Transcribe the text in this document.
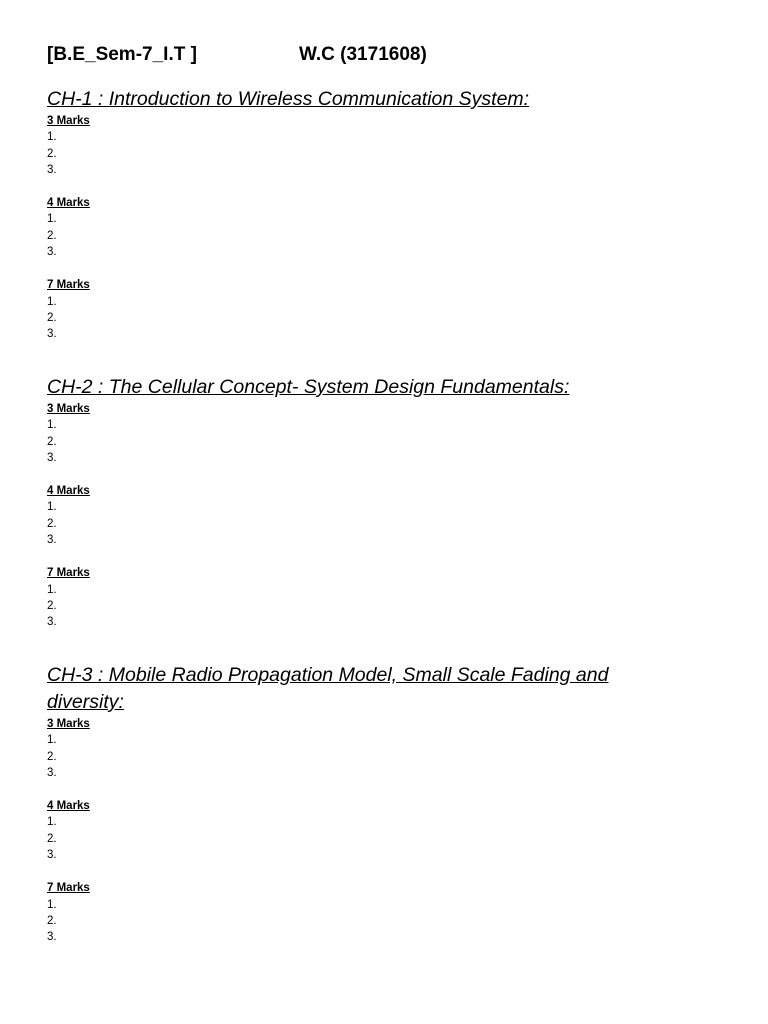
[B.E_Sem-7_I.T ]	W.C (3171608)
CH-1 : Introduction to Wireless Communication System:
3 Marks
1.
2.
3.
4 Marks
1.
2.
3.
7 Marks
1.
2.
3.
CH-2 : The Cellular Concept- System Design Fundamentals:
3 Marks
1.
2.
3.
4 Marks
1.
2.
3.
7 Marks
1.
2.
3.
CH-3 : Mobile Radio Propagation Model, Small Scale Fading and diversity:
3 Marks
1.
2.
3.
4 Marks
1.
2.
3.
7 Marks
1.
2.
3.
